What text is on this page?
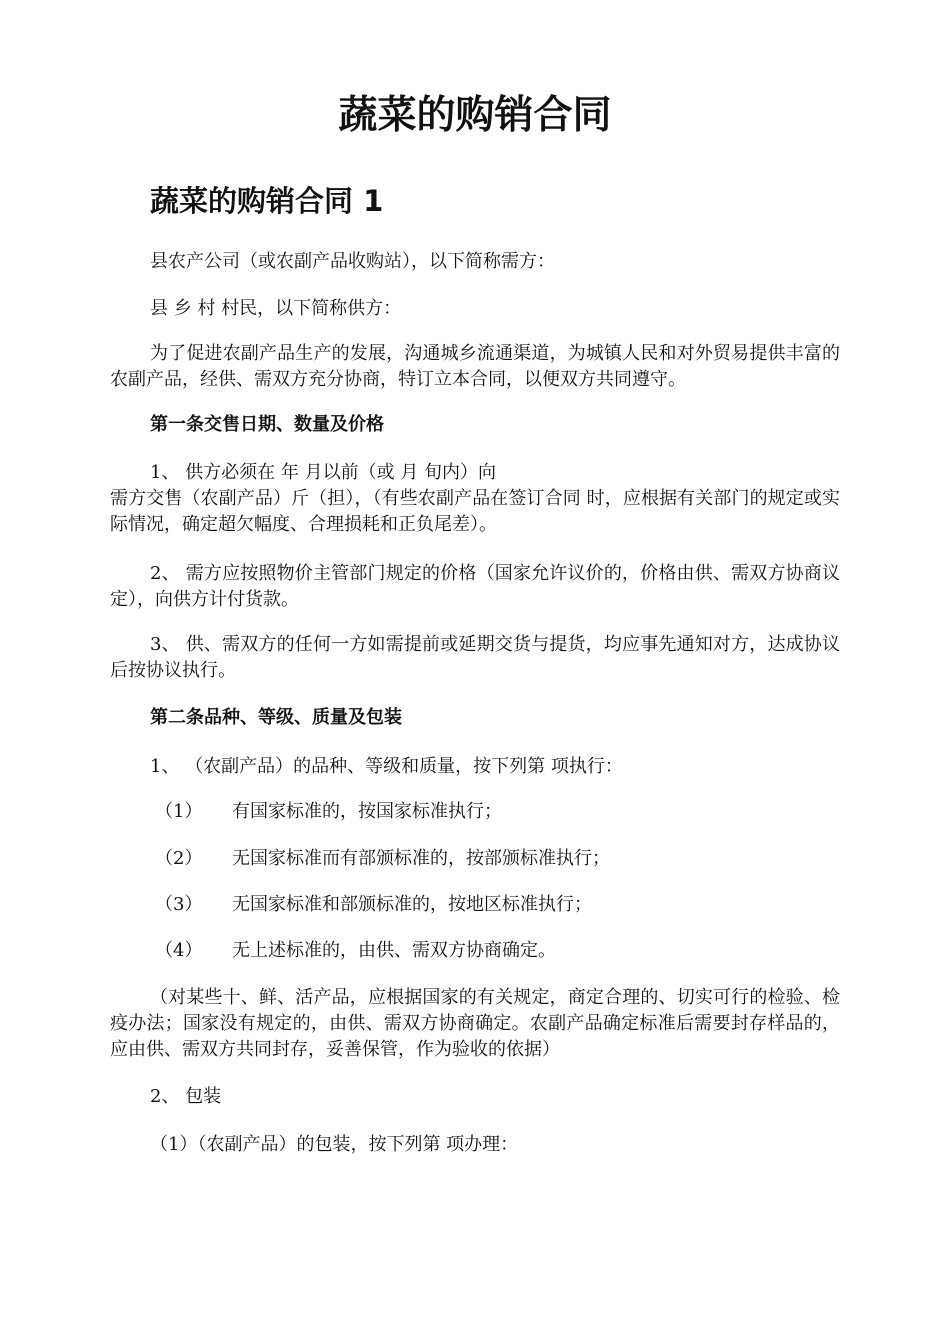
蔬菜的购销合同
蔬菜的购销合同 1
县农产公司（或农副产品收购站），以下简称需方：
县 乡 村 村民，以下简称供方：
为了促进农副产品生产的发展，沟通城乡流通渠道，为城镇人民和对外贸易提供丰富的农副产品，经供、需双方充分协商，特订立本合同，以便双方共同遵守。
第一条交售日期、数量及价格
1、 供方必须在 年 月以前（或 月 旬内）向
需方交售（农副产品）斤（担），（有些农副产品在签订合同 时，应根据有关部门的规定或实际情况，确定超欠幅度、合理损耗和正负尾差）。
2、 需方应按照物价主管部门规定的价格（国家允许议价的，价格由供、需双方协商议定），向供方计付货款。
3、 供、需双方的任何一方如需提前或延期交货与提货，均应事先通知对方，达成协议后按协议执行。
第二条品种、等级、质量及包装
1、 （农副产品）的品种、等级和质量，按下列第 项执行：
（1） 有国家标准的，按国家标准执行；
（2） 无国家标准而有部颁标准的，按部颁标准执行；
（3） 无国家标准和部颁标准的，按地区标准执行；
（4） 无上述标准的，由供、需双方协商确定。
（对某些十、鲜、活产品，应根据国家的有关规定，商定合理的、切实可行的检验、检疫办法；国家没有规定的，由供、需双方协商确定。农副产品确定标准后需要封存样品的，应由供、需双方共同封存，妥善保管，作为验收的依据）
2、 包装
（1）（农副产品）的包装，按下列第 项办理：
